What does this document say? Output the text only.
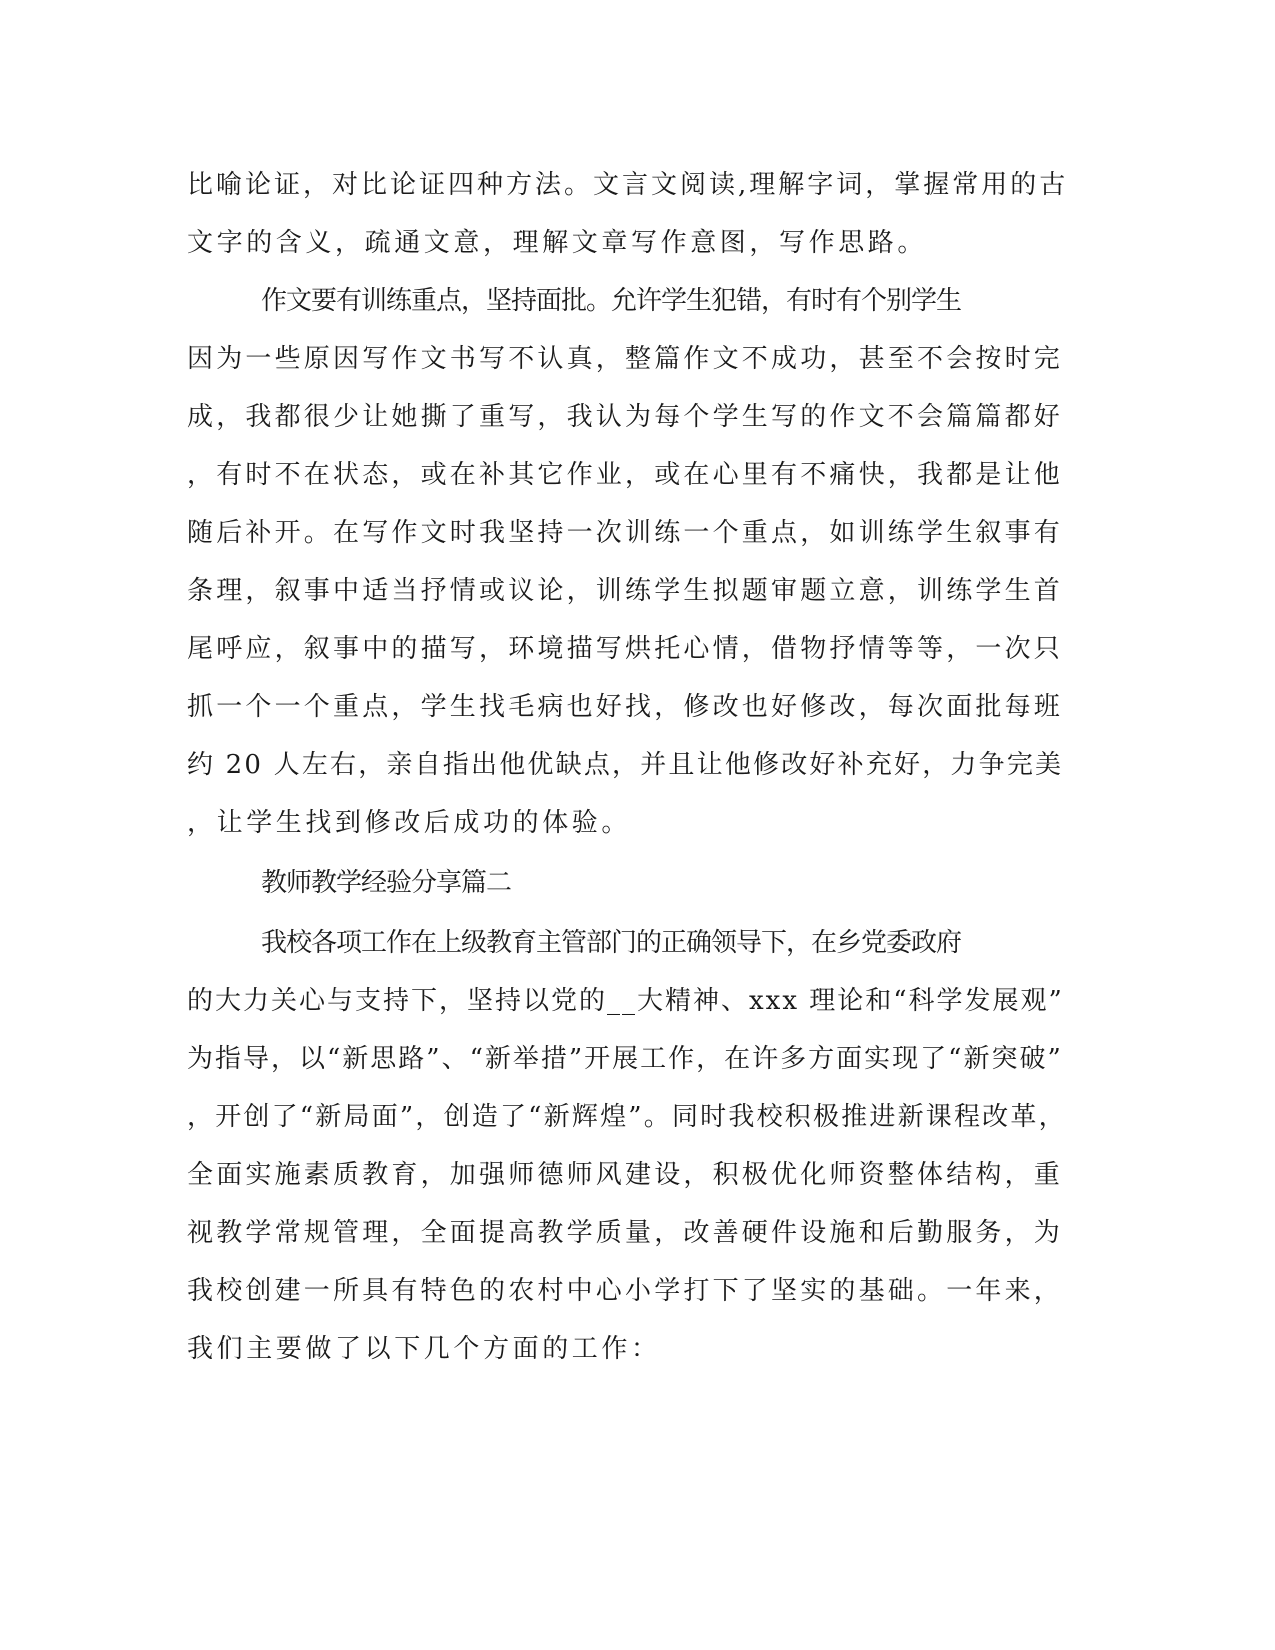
比喻论证，对比论证四种方法。文言文阅读,理解字词，掌握常用的古
文字的含义，疏通文意，理解文章写作意图，写作思路。
作文要有训练重点，坚持面批。允许学生犯错，有时有个别学生
因为一些原因写作文书写不认真，整篇作文不成功，甚至不会按时完
成，我都很少让她撕了重写，我认为每个学生写的作文不会篇篇都好
，有时不在状态，或在补其它作业，或在心里有不痛快，我都是让他
随后补开。在写作文时我坚持一次训练一个重点，如训练学生叙事有
条理，叙事中适当抒情或议论，训练学生拟题审题立意，训练学生首
尾呼应，叙事中的描写，环境描写烘托心情，借物抒情等等，一次只
抓一个一个重点，学生找毛病也好找，修改也好修改，每次面批每班
约 20 人左右，亲自指出他优缺点，并且让他修改好补充好，力争完美
，让学生找到修改后成功的体验。
教师教学经验分享篇二
我校各项工作在上级教育主管部门的正确领导下，在乡党委政府
的大力关心与支持下，坚持以党的__大精神、xxx 理论和“科学发展观”
为指导，以“新思路”、“新举措”开展工作，在许多方面实现了“新突破”
，开创了“新局面”，创造了“新辉煌”。同时我校积极推进新课程改革，
全面实施素质教育，加强师德师风建设，积极优化师资整体结构，重
视教学常规管理，全面提高教学质量，改善硬件设施和后勤服务，为
我校创建一所具有特色的农村中心小学打下了坚实的基础。一年来，
我们主要做了以下几个方面的工作：
